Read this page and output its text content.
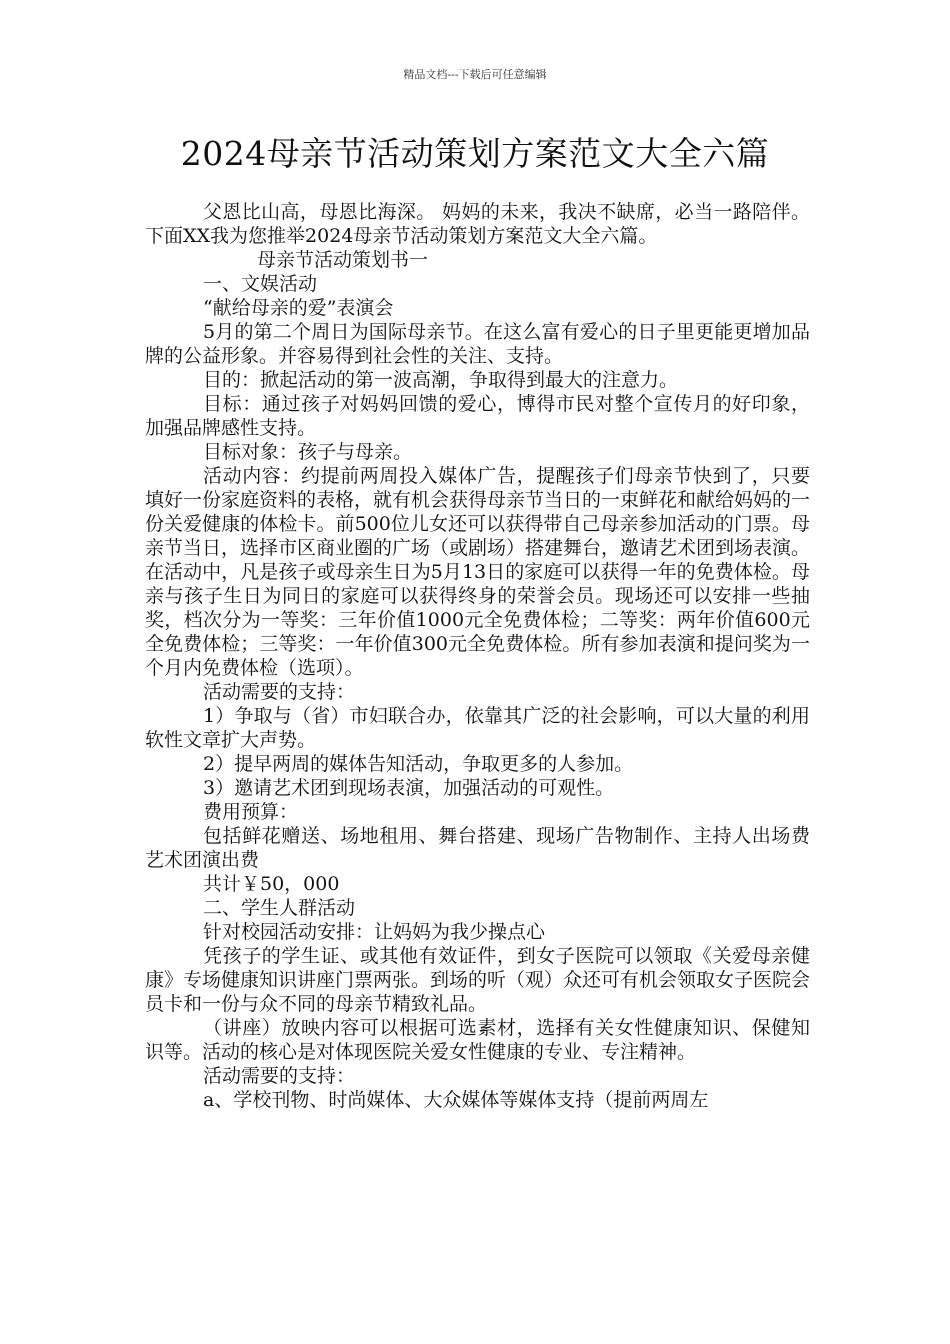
精品文档---下载后可任意编辑
2024母亲节活动策划方案范文大全六篇

父恩比山高，母恩比海深。 妈妈的未来，我决不缺席，必当一路陪伴。下面XX我为您推举2024母亲节活动策划方案范文大全六篇。

母亲节活动策划书一

一、文娱活动

“献给母亲的爱”表演会

5月的第二个周日为国际母亲节。在这么富有爱心的日子里更能更增加品牌的公益形象。并容易得到社会性的关注、支持。

目的：掀起活动的第一波高潮，争取得到最大的注意力。

目标：通过孩子对妈妈回馈的爱心，博得市民对整个宣传月的好印象，加强品牌感性支持。

目标对象：孩子与母亲。

活动内容：约提前两周投入媒体广告，提醒孩子们母亲节快到了，只要填好一份家庭资料的表格，就有机会获得母亲节当日的一束鲜花和献给妈妈的一份关爱健康的体检卡。前500位儿女还可以获得带自己母亲参加活动的门票。母亲节当日，选择市区商业圈的广场（或剧场）搭建舞台，邀请艺术团到场表演。在活动中，凡是孩子或母亲生日为5月13日的家庭可以获得一年的免费体检。母亲与孩子生日为同日的家庭可以获得终身的荣誉会员。现场还可以安排一些抽奖，档次分为一等奖：三年价值1000元全免费体检；二等奖：两年价值600元全免费体检；三等奖：一年价值300元全免费体检。所有参加表演和提问奖为一个月内免费体检（选项）。

活动需要的支持：

1）争取与（省）市妇联合办，依靠其广泛的社会影响，可以大量的利用软性文章扩大声势。

2）提早两周的媒体告知活动，争取更多的人参加。

3）邀请艺术团到现场表演，加强活动的可观性。

费用预算：

包括鲜花赠送、场地租用、舞台搭建、现场广告物制作、主持人出场费艺术团演出费

共计￥50，000

二、学生人群活动

针对校园活动安排：让妈妈为我少操点心

凭孩子的学生证、或其他有效证件，到女子医院可以领取《关爱母亲健康》专场健康知识讲座门票两张。到场的听（观）众还可有机会领取女子医院会员卡和一份与众不同的母亲节精致礼品。

（讲座）放映内容可以根据可选素材，选择有关女性健康知识、保健知识等。活动的核心是对体现医院关爱女性健康的专业、专注精神。

活动需要的支持：

a、学校刊物、时尚媒体、大众媒体等媒体支持（提前两周左
